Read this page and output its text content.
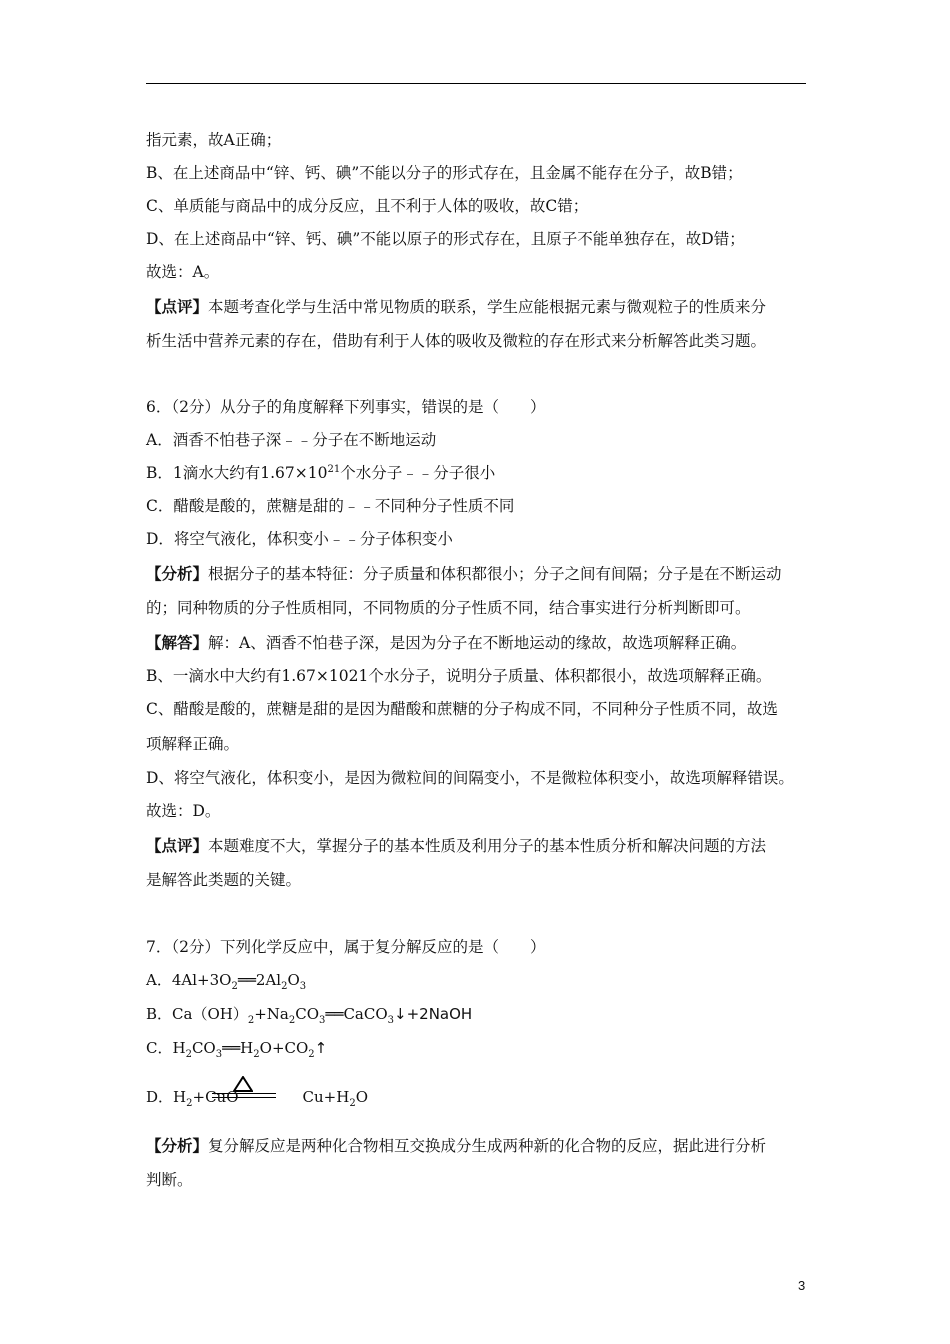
指元素，故A正确；
B、在上述商品中“锌、钙、碘”不能以分子的形式存在，且金属不能存在分子，故B错；
C、单质能与商品中的成分反应，且不利于人体的吸收，故C错；
D、在上述商品中“锌、钙、碘”不能以原子的形式存在，且原子不能单独存在，故D错；
故选：A。
【点评】本题考查化学与生活中常见物质的联系，学生应能根据元素与微观粒子的性质来分
析生活中营养元素的存在，借助有利于人体的吸收及微粒的存在形式来分析解答此类习题。
6．（2分）从分子的角度解释下列事实，错误的是（　　）
A．酒香不怕巷子深﹣﹣分子在不断地运动
B．1滴水大约有$1.67\times 10^{21}$个水分子﹣﹣分子很小
C．醋酸是酸的，蔗糖是甜的﹣﹣不同种分子性质不同
D．将空气液化，体积变小﹣﹣分子体积变小
【分析】根据分子的基本特征：分子质量和体积都很小；分子之间有间隔；分子是在不断运动
的；同种物质的分子性质相同，不同物质的分子性质不同，结合事实进行分析判断即可。
【解答】解：A、酒香不怕巷子深，是因为分子在不断地运动的缘故，故选项解释正确。
B、一滴水中大约有1.67×1021个水分子，说明分子质量、体积都很小，故选项解释正确。
C、醋酸是酸的，蔗糖是甜的是因为醋酸和蔗糖的分子构成不同，不同种分子性质不同，故选
项解释正确。
D、将空气液化，体积变小，是因为微粒间的间隔变小，不是微粒体积变小，故选项解释错误。
故选：D。
【点评】本题难度不大，掌握分子的基本性质及利用分子的基本性质分析和解决问题的方法
是解答此类题的关键。
7．（2分）下列化学反应中，属于复分解反应的是（　　）
A．$4Al+3O_2══2Al_2O_3$
B．$Ca(OH)_2+Na_2CO_3══CaCO_3↓+2NaOH$
C．$H_2CO_3══H_2O+CO_2↑$
D．$H_2+CuO$	$Cu+H_2O$
【分析】复分解反应是两种化合物相互交换成分生成两种新的化合物的反应，据此进行分析
判断。
3
